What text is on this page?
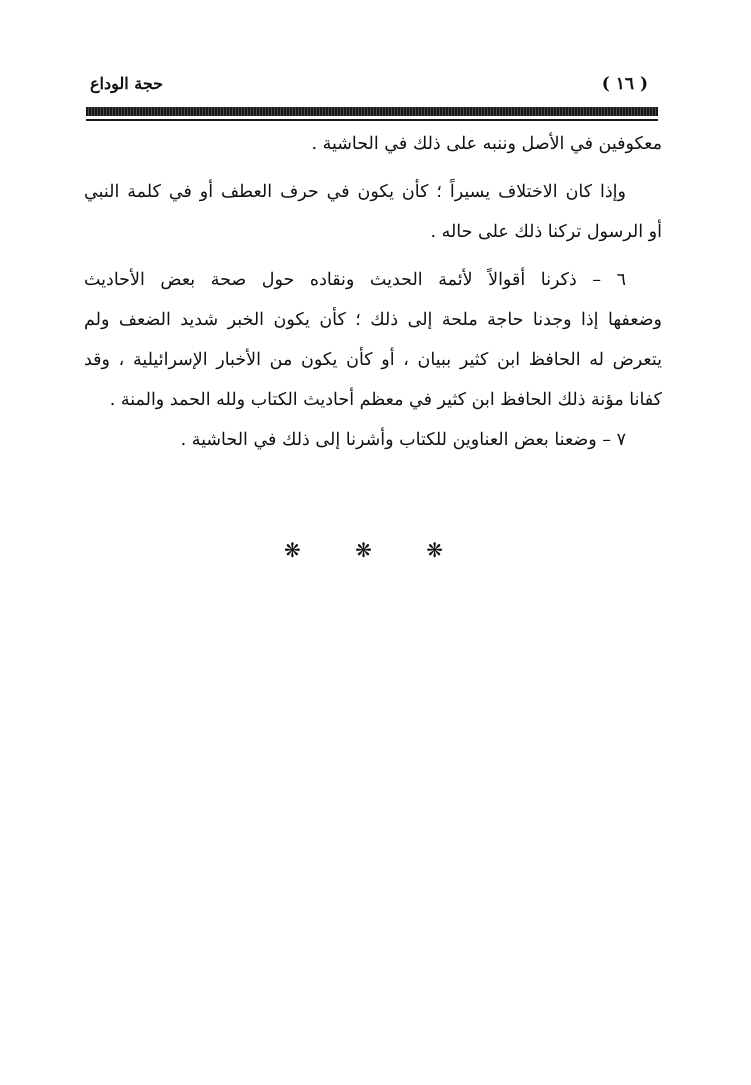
( ١٦ )
حجة الوداع
معكوفين في الأصل وننبه على ذلك في الحاشية .
وإذا كان الاختلاف يسيراً ؛ كأن يكون في حرف العطف أو في كلمة النبي
أو الرسول تركنا ذلك على حاله .
٦ – ذكرنا أقوالاً لأئمة الحديث ونقاده حول صحة بعض الأحاديث
وضعفها إذا وجدنا حاجة ملحة إلى ذلك ؛ كأن يكون الخبر شديد الضعف ولم
يتعرض له الحافظ ابن كثير ببيان ، أو كأن يكون من الأخبار الإسرائيلية ، وقد
كفانا مؤنة ذلك الحافظ ابن كثير في معظم أحاديث الكتاب ولله الحمد والمنة .
٧ – وضعنا بعض العناوين للكتاب وأشرنا إلى ذلك في الحاشية .
❋ ❋ ❋
